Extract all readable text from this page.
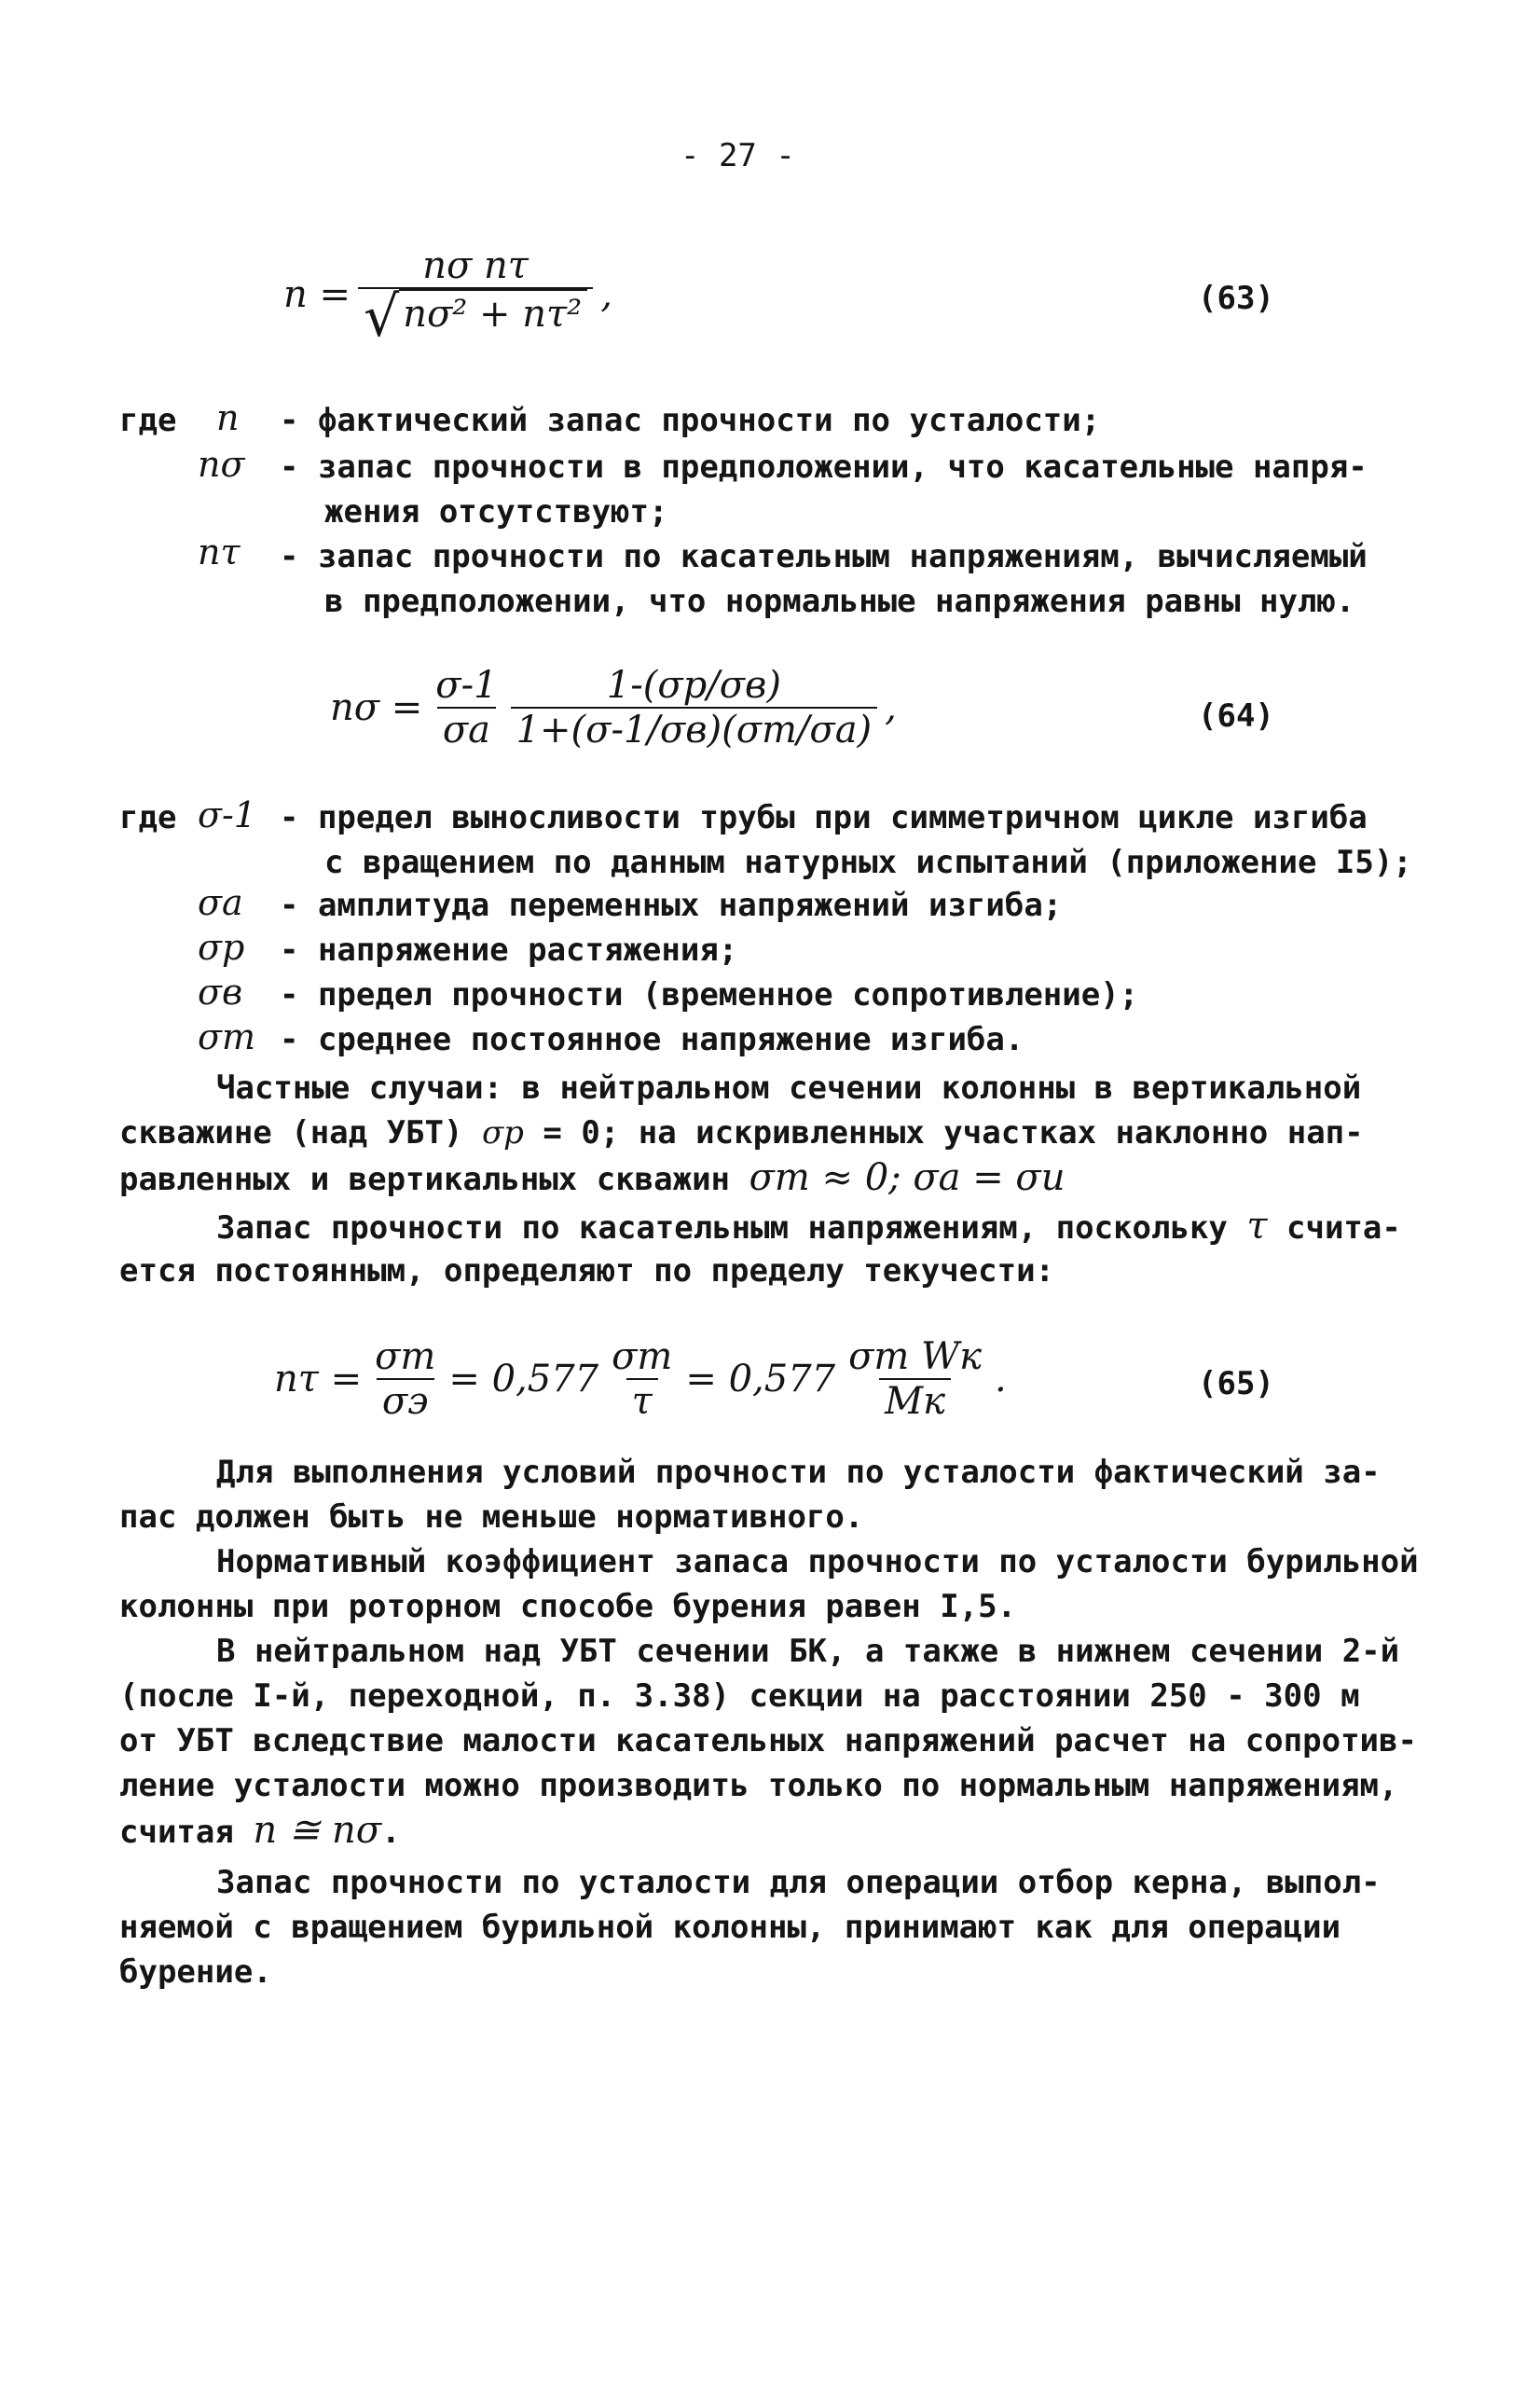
- 27 -
$n = \frac{\text{nσ nτ}}{\text{√ nσ² + nτ²}}$ ,	(63)
где n - фактический запас прочности по усталости;
nσ - запас прочности в предположении, что касательные напря-
жения отсутствуют;
nτ - запас прочности по касательным напряжениям, вычисляемый
в предположении, что нормальные напряжения равны нулю.
$n\sigma = \frac{\sigma-1}{\sigma a} \frac{1-(\sigma p/\sigma в)}{1+(\sigma-1/\sigma в)(\sigma m/\sigma a)}$ ,	(64)
где σ-1 - предел выносливости трубы при симметричном цикле изгиба
с вращением по данным натурных испытаний (приложение I5);
σa - амплитуда переменных напряжений изгиба;
σp - напряжение растяжения;
σв - предел прочности (временное сопротивление);
σm - среднее постоянное напряжение изгиба.
Частные случаи: в нейтральном сечении колонны в вертикальной
скважине (над УБТ) σp = 0; на искривленных участках наклонно нап-
равленных и вертикальных скважин σm ≈ 0; σa = σи
Запас прочности по касательным напряжениям, поскольку τ счита-
ется постоянным, определяют по пределу текучести:
$n\tau = \frac{\sigma т}{\sigma э} = 0,577 \frac{\sigma т}{\tau} = 0,577 \frac{\text{σт Wк}}{Mк}$ .	(65)
Для выполнения условий прочности по усталости фактический за-
пас должен быть не меньше нормативного.
Нормативный коэффициент запаса прочности по усталости бурильной
колонны при роторном способе бурения равен I,5.
В нейтральном над УБТ сечении БК, а также в нижнем сечении 2-й
(после I-й, переходной, п. 3.38) секции на расстоянии 250 - 300 м
от УБТ вследствие малости касательных напряжений расчет на сопротив-
ление усталости можно производить только по нормальным напряжениям,
считая n ≅ nσ.
Запас прочности по усталости для операции отбор керна, выпол-
няемой с вращением бурильной колонны, принимают как для операции
бурение.
